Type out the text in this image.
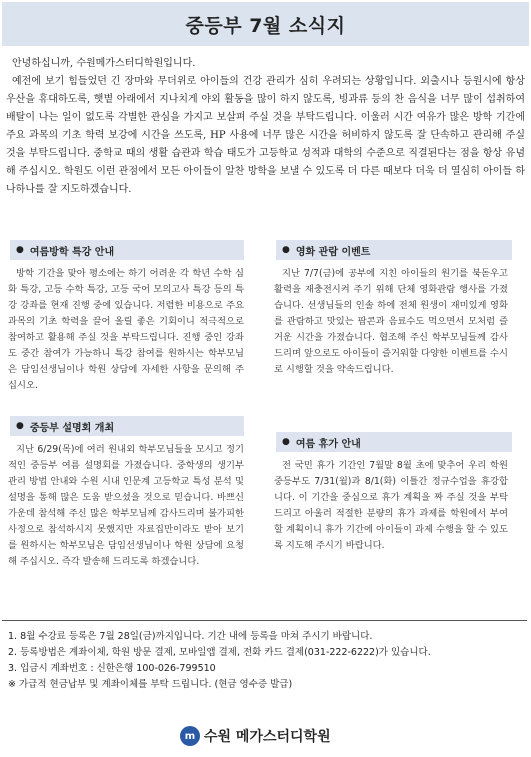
중등부 7월 소식지

안녕하십니까, 수원메가스터디학원입니다.

예전에 보기 힘들었던 긴 장마와 무더위로 아이들의 건강 관리가 심히 우려되는 상황입니다. 외출시나 등원시에 항상 우산을 휴대하도록, 햇볕 아래에서 지나치게 야외 활동을 많이 하지 않도록, 빙과류 등의 찬 음식을 너무 많이 섭취하여 배탈이 나는 일이 없도록 각별한 관심을 가지고 보살펴 주실 것을 부탁드립니다. 이울러 시간 여유가 많은 방학 기간에 주요 과목의 기초 학력 보강에 시간을 쓰도록, HP 사용에 너무 많은 시간을 허비하지 않도록 잘 단속하고 관리해 주실 것을 부탁드립니다. 중학교 때의 생활 습관과 학습 태도가 고등학교 성적과 대학의 수준으로 직결된다는 점을 항상 유념해 주십시오. 학원도 이런 관점에서 모든 아이들이 알찬 방학을 보낼 수 있도록 더 다른 때보다 더욱 더 열심히 아이들 하나하나를 잘 지도하겠습니다.

● 여름방학 특강 안내

방학 기간을 맞아 평소에는 하기 어려운 각 학년 수학 심화 특강, 고등 수학 특강, 고등 국어 모의고사 특강 등의 특강 강좌를 현재 진행 중에 있습니다. 저렴한 비용으로 주요 과목의 기초 학력을 끌어 올릴 좋은 기회이니 적극적으로 참여하고 활용해 주실 것을 부탁드립니다. 진행 중인 강좌도 중간 참여가 가능하니 특강 참여를 원하시는 학부모님은 담임선생님이나 학원 상담에 자세한 사항을 문의해 주십시오.

● 중등부 설명회 개최

지난 6/29(목)에 여러 원내외 학부모님들을 모시고 정기적인 중등부 여름 설명회를 가졌습니다. 중학생의 생기부 관리 방법 안내와 수원 시내 인문계 고등학교 특성 분석 및 설명을 통해 많은 도움 받으셨을 것으로 믿습니다. 바쁘신 가운데 참석해 주신 많은 학부모님께 감사드리며 불가피한 사정으로 참석하시지 못했지만 자료집만이라도 받아 보기를 원하시는 학부모님은 담임선생님이나 학원 상담에 요청해 주십시오. 즉각 발송해 드리도록 하겠습니다.

● 영화 관람 이벤트

지난 7/7(금)에 공부에 지친 아이들의 원기를 북돋우고 활력을 재충전시켜 주기 위해 단체 영화관람 행사를 가졌습니다. 선생님들의 인솔 하에 전체 원생이 재미있게 영화를 관람하고 맛있는 팝콘과 음료수도 먹으면서 모처럼 즐거운 시간을 가졌습니다. 협조해 주신 학부모님들께 감사드리며 앞으로도 아이들이 즐거워할 다양한 이벤트를 수시로 시행할 것을 약속드립니다.

● 여름 휴가 안내

전 국민 휴가 기간인 7월말 8월 초에 맞추어 우리 학원 중등부도 7/31(월)과 8/1(화) 이틀간 정규수업을 휴강합니다. 이 기간을 중심으로 휴가 계획을 짜 주실 것을 부탁드리고 아울러 적절한 분량의 휴가 과제를 학원에서 부여할 계획이니 휴가 기간에 아이들이 과제 수행을 할 수 있도록 지도해 주시기 바랍니다.

1. 8월 수강료 등록은 7월 28일(금)까지입니다. 기간 내에 등록을 마쳐 주시기 바랍니다.
2. 등록방법은 계좌이체, 학원 방문 결제, 모바일앱 결제, 전화 카드 결제(031-222-6222)가 있습니다.
3. 입금시 계좌번호 : 신한은행 100-026-799510
※ 가급적 현금납부 및 계좌이체를 부탁 드립니다. (현금 영수증 발급)
m 수원 메가스터디학원
